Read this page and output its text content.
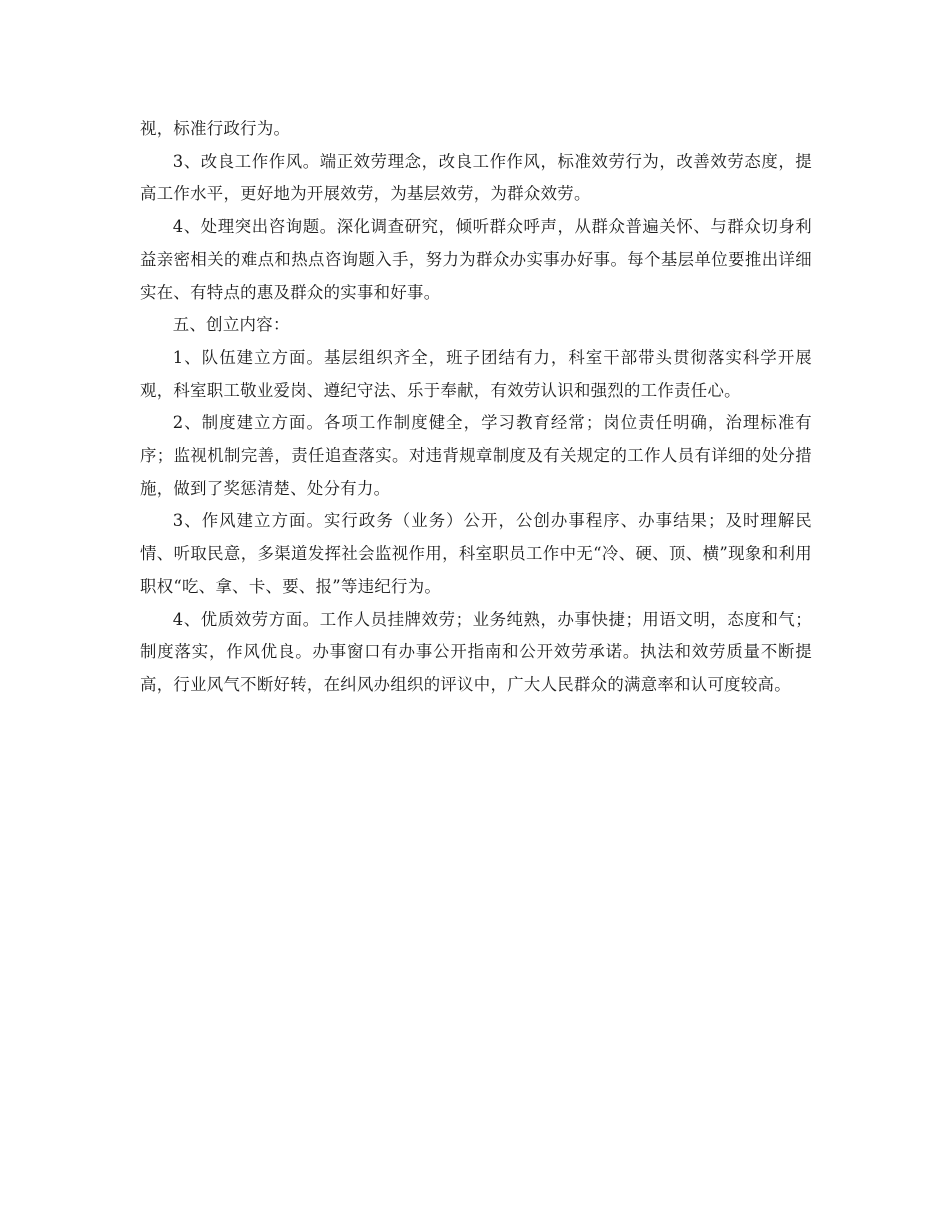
视，标准行政行为。

3、改良工作作风。端正效劳理念，改良工作作风，标准效劳行为，改善效劳态度，提高工作水平，更好地为开展效劳，为基层效劳，为群众效劳。

4、处理突出咨询题。深化调查研究，倾听群众呼声，从群众普遍关怀、与群众切身利益亲密相关的难点和热点咨询题入手，努力为群众办实事办好事。每个基层单位要推出详细实在、有特点的惠及群众的实事和好事。

五、创立内容：

1、队伍建立方面。基层组织齐全，班子团结有力，科室干部带头贯彻落实科学开展观，科室职工敬业爱岗、遵纪守法、乐于奉献，有效劳认识和强烈的工作责任心。

2、制度建立方面。各项工作制度健全，学习教育经常；岗位责任明确，治理标准有序；监视机制完善，责任追查落实。对违背规章制度及有关规定的工作人员有详细的处分措施，做到了奖惩清楚、处分有力。

3、作风建立方面。实行政务（业务）公开，公创办事程序、办事结果；及时理解民情、听取民意，多渠道发挥社会监视作用，科室职员工作中无“冷、硬、顶、横”现象和利用职权“吃、拿、卡、要、报”等违纪行为。

4、优质效劳方面。工作人员挂牌效劳；业务纯熟，办事快捷；用语文明，态度和气；制度落实，作风优良。办事窗口有办事公开指南和公开效劳承诺。执法和效劳质量不断提高，行业风气不断好转，在纠风办组织的评议中，广大人民群众的满意率和认可度较高。
